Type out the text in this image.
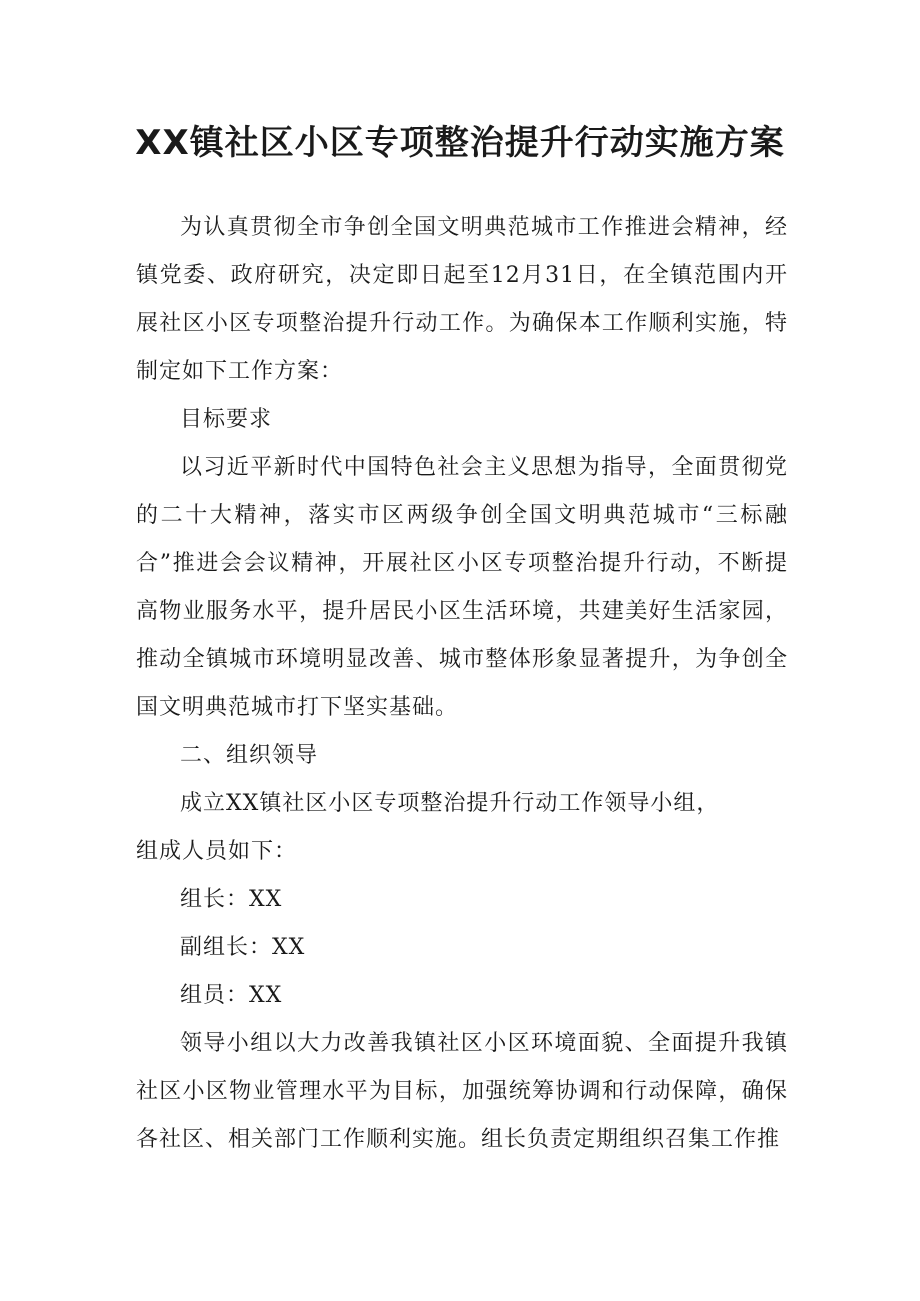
XX镇社区小区专项整治提升行动实施方案

为认真贯彻全市争创全国文明典范城市工作推进会精神，经镇党委、政府研究，决定即日起至12月31日，在全镇范围内开展社区小区专项整治提升行动工作。为确保本工作顺利实施，特制定如下工作方案：

目标要求

以习近平新时代中国特色社会主义思想为指导，全面贯彻党的二十大精神，落实市区两级争创全国文明典范城市“三标融合”推进会会议精神，开展社区小区专项整治提升行动，不断提高物业服务水平，提升居民小区生活环境，共建美好生活家园，推动全镇城市环境明显改善、城市整体形象显著提升，为争创全国文明典范城市打下坚实基础。

二、组织领导

成立XX镇社区小区专项整治提升行动工作领导小组，

组成人员如下：

组长：XX

副组长：XX

组员：XX

领导小组以大力改善我镇社区小区环境面貌、全面提升我镇社区小区物业管理水平为目标，加强统筹协调和行动保障，确保各社区、相关部门工作顺利实施。组长负责定期组织召集工作推
